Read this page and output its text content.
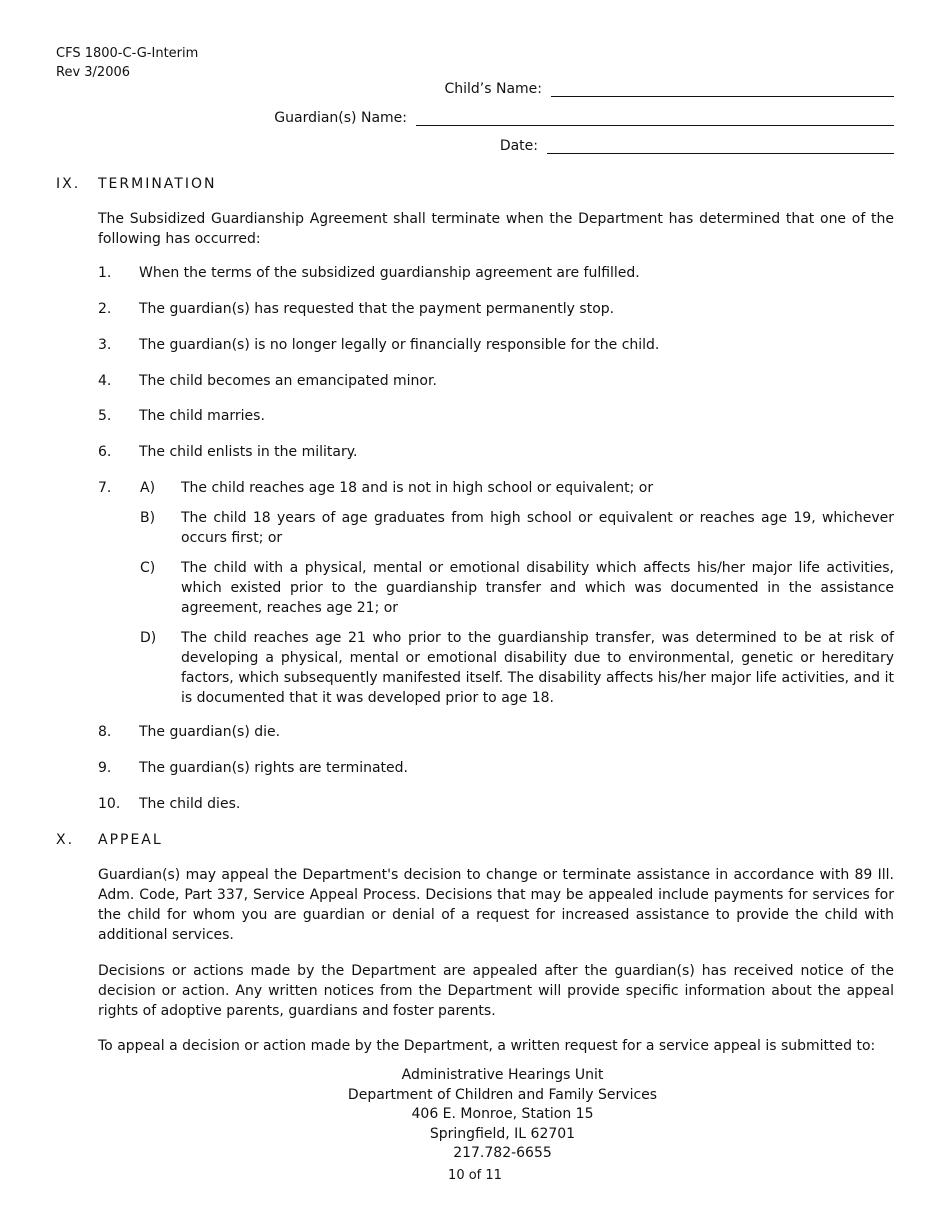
CFS 1800-C-G-Interim
Rev 3/2006
Child’s Name:
Guardian(s) Name:
Date:
IX. TERMINATION
The Subsidized Guardianship Agreement shall terminate when the Department has determined that one of the following has occurred:
1.	When the terms of the subsidized guardianship agreement are fulfilled.
2.	The guardian(s) has requested that the payment permanently stop.
3.	The guardian(s) is no longer legally or financially responsible for the child.
4.	The child becomes an emancipated minor.
5.	The child marries.
6.	The child enlists in the military.
7. A)	The child reaches age 18 and is not in high school or equivalent; or
B)	The child 18 years of age graduates from high school or equivalent or reaches age 19, whichever occurs first; or
C)	The child with a physical, mental or emotional disability which affects his/her major life activities, which existed prior to the guardianship transfer and which was documented in the assistance agreement, reaches age 21; or
D)	The child reaches age 21 who prior to the guardianship transfer, was determined to be at risk of developing a physical, mental or emotional disability due to environmental, genetic or hereditary factors, which subsequently manifested itself. The disability affects his/her major life activities, and it is documented that it was developed prior to age 18.
8.	The guardian(s) die.
9.	The guardian(s) rights are terminated.
10.	The child dies.
X. APPEAL
Guardian(s) may appeal the Department's decision to change or terminate assistance in accordance with 89 Ill. Adm. Code, Part 337, Service Appeal Process. Decisions that may be appealed include payments for services for the child for whom you are guardian or denial of a request for increased assistance to provide the child with additional services.
Decisions or actions made by the Department are appealed after the guardian(s) has received notice of the decision or action. Any written notices from the Department will provide specific information about the appeal rights of adoptive parents, guardians and foster parents.
To appeal a decision or action made by the Department, a written request for a service appeal is submitted to:
Administrative Hearings Unit
Department of Children and Family Services
406 E. Monroe, Station 15
Springfield, IL 62701
217.782-6655
10 of 11
